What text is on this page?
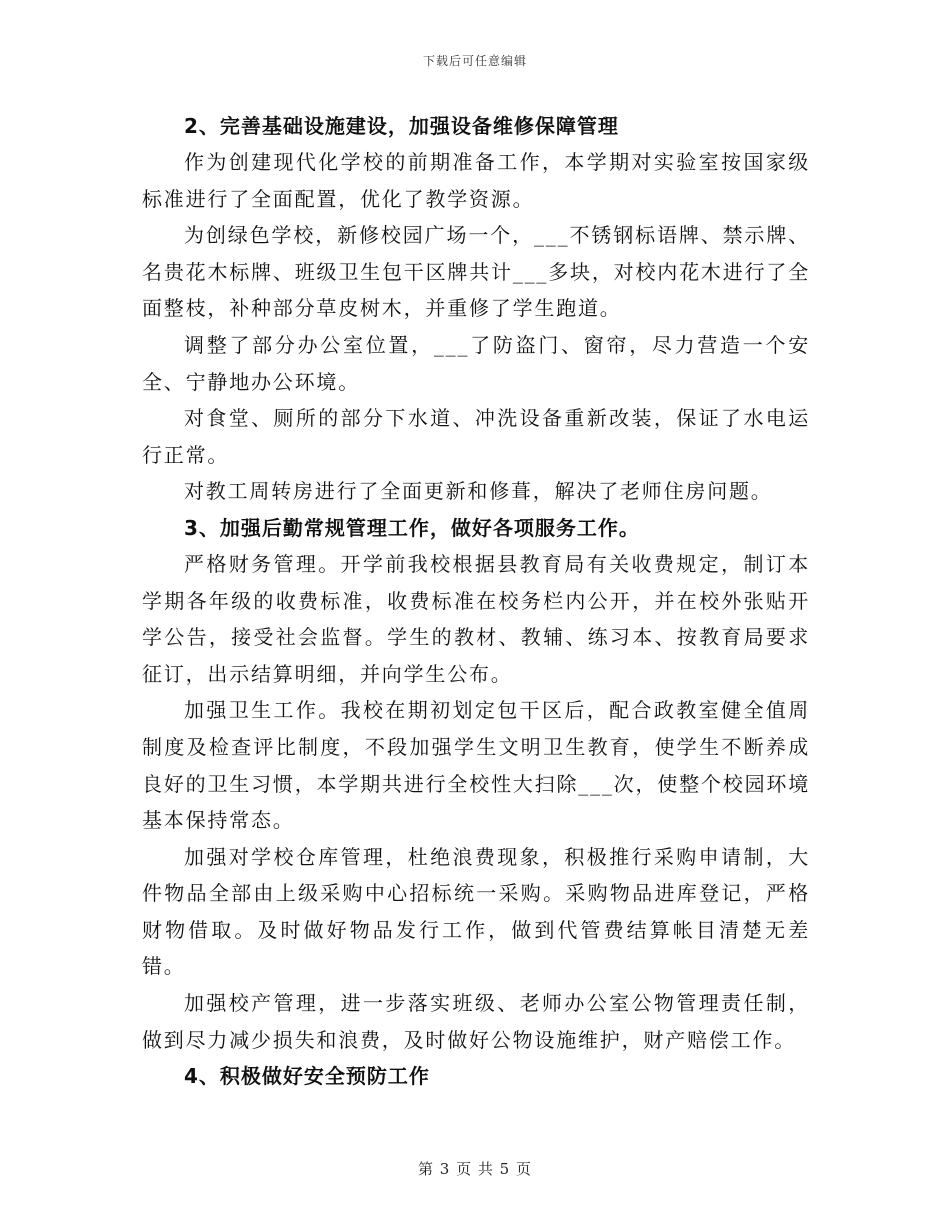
下载后可任意编辑

2、完善基础设施建设，加强设备维修保障管理

作为创建现代化学校的前期准备工作，本学期对实验室按国家级标准进行了全面配置，优化了教学资源。

为创绿色学校，新修校园广场一个，___不锈钢标语牌、禁示牌、名贵花木标牌、班级卫生包干区牌共计___多块，对校内花木进行了全面整枝，补种部分草皮树木，并重修了学生跑道。

调整了部分办公室位置，___了防盗门、窗帘，尽力营造一个安全、宁静地办公环境。

对食堂、厕所的部分下水道、冲洗设备重新改装，保证了水电运行正常。

对教工周转房进行了全面更新和修葺，解决了老师住房问题。

3、加强后勤常规管理工作，做好各项服务工作。

严格财务管理。开学前我校根据县教育局有关收费规定，制订本学期各年级的收费标准，收费标准在校务栏内公开，并在校外张贴开学公告，接受社会监督。学生的教材、教辅、练习本、按教育局要求征订，出示结算明细，并向学生公布。

加强卫生工作。我校在期初划定包干区后，配合政教室健全值周制度及检查评比制度，不段加强学生文明卫生教育，使学生不断养成良好的卫生习惯，本学期共进行全校性大扫除___次，使整个校园环境基本保持常态。

加强对学校仓库管理，杜绝浪费现象，积极推行采购申请制，大件物品全部由上级采购中心招标统一采购。采购物品进库登记，严格财物借取。及时做好物品发行工作，做到代管费结算帐目清楚无差错。

加强校产管理，进一步落实班级、老师办公室公物管理责任制，做到尽力减少损失和浪费，及时做好公物设施维护，财产赔偿工作。

4、积极做好安全预防工作

第 3 页 共 5 页
